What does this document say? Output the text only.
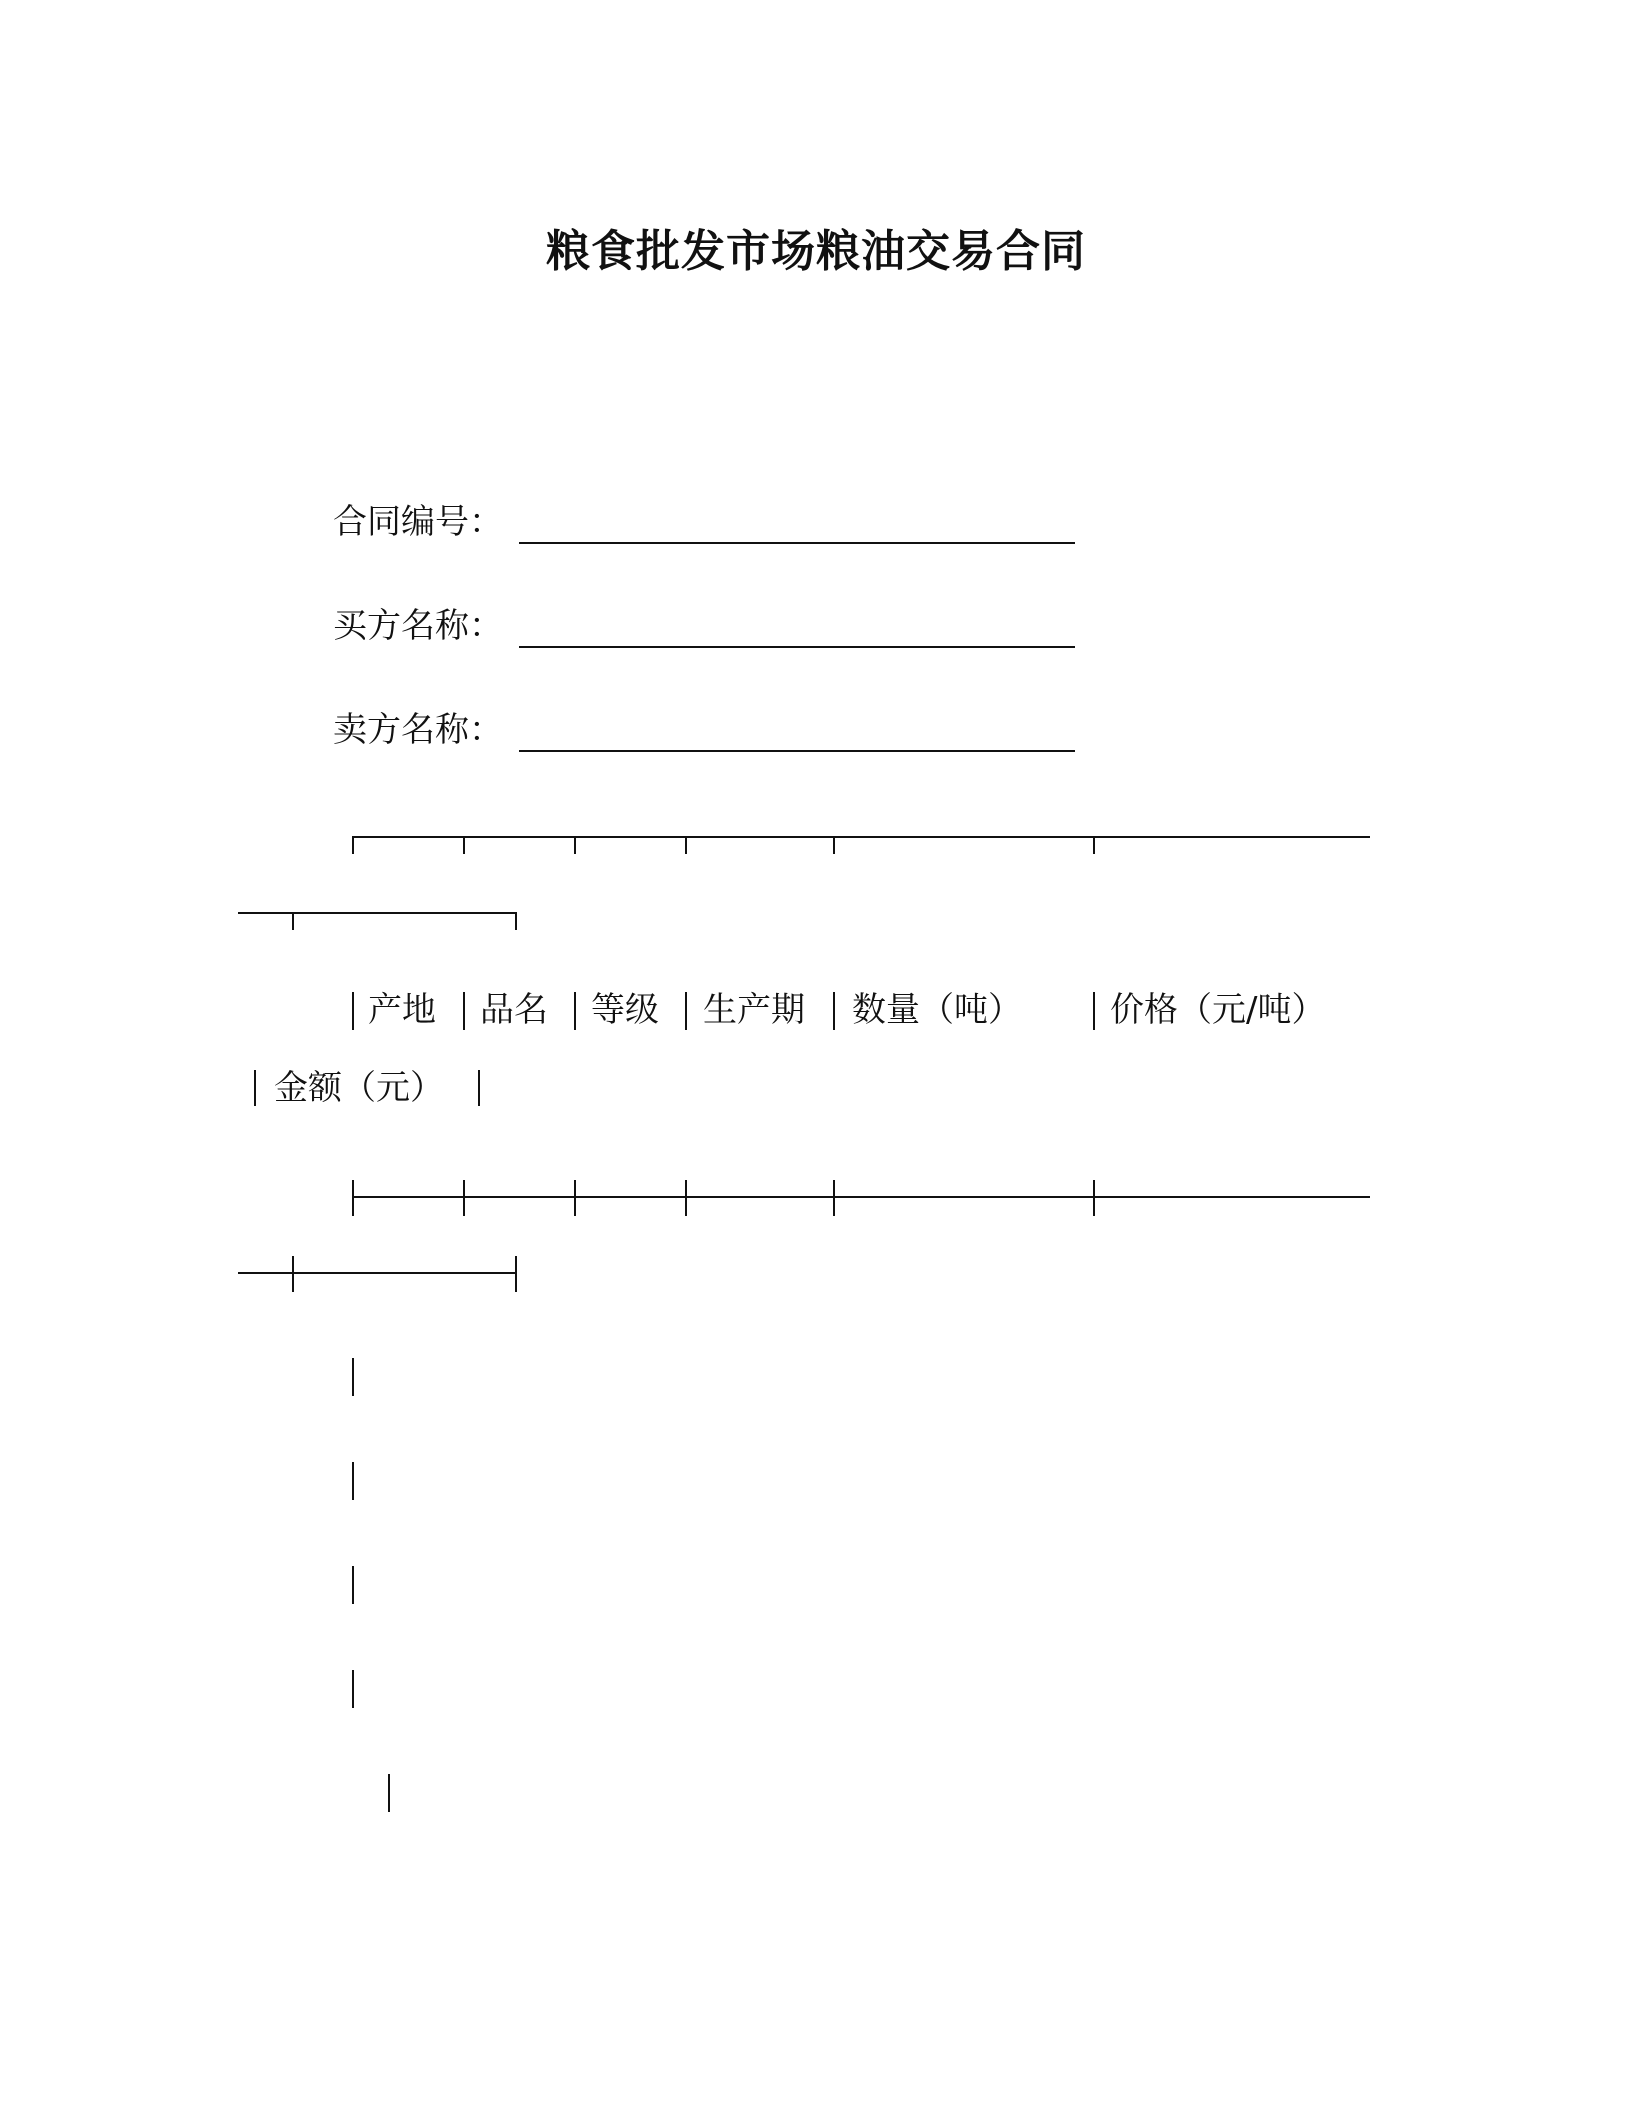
粮食批发市场粮油交易合同
合同编号：
买方名称：
卖方名称：
产地 品名 等级 生产期 数量（吨）	价格（元/吨）
金额（元）
